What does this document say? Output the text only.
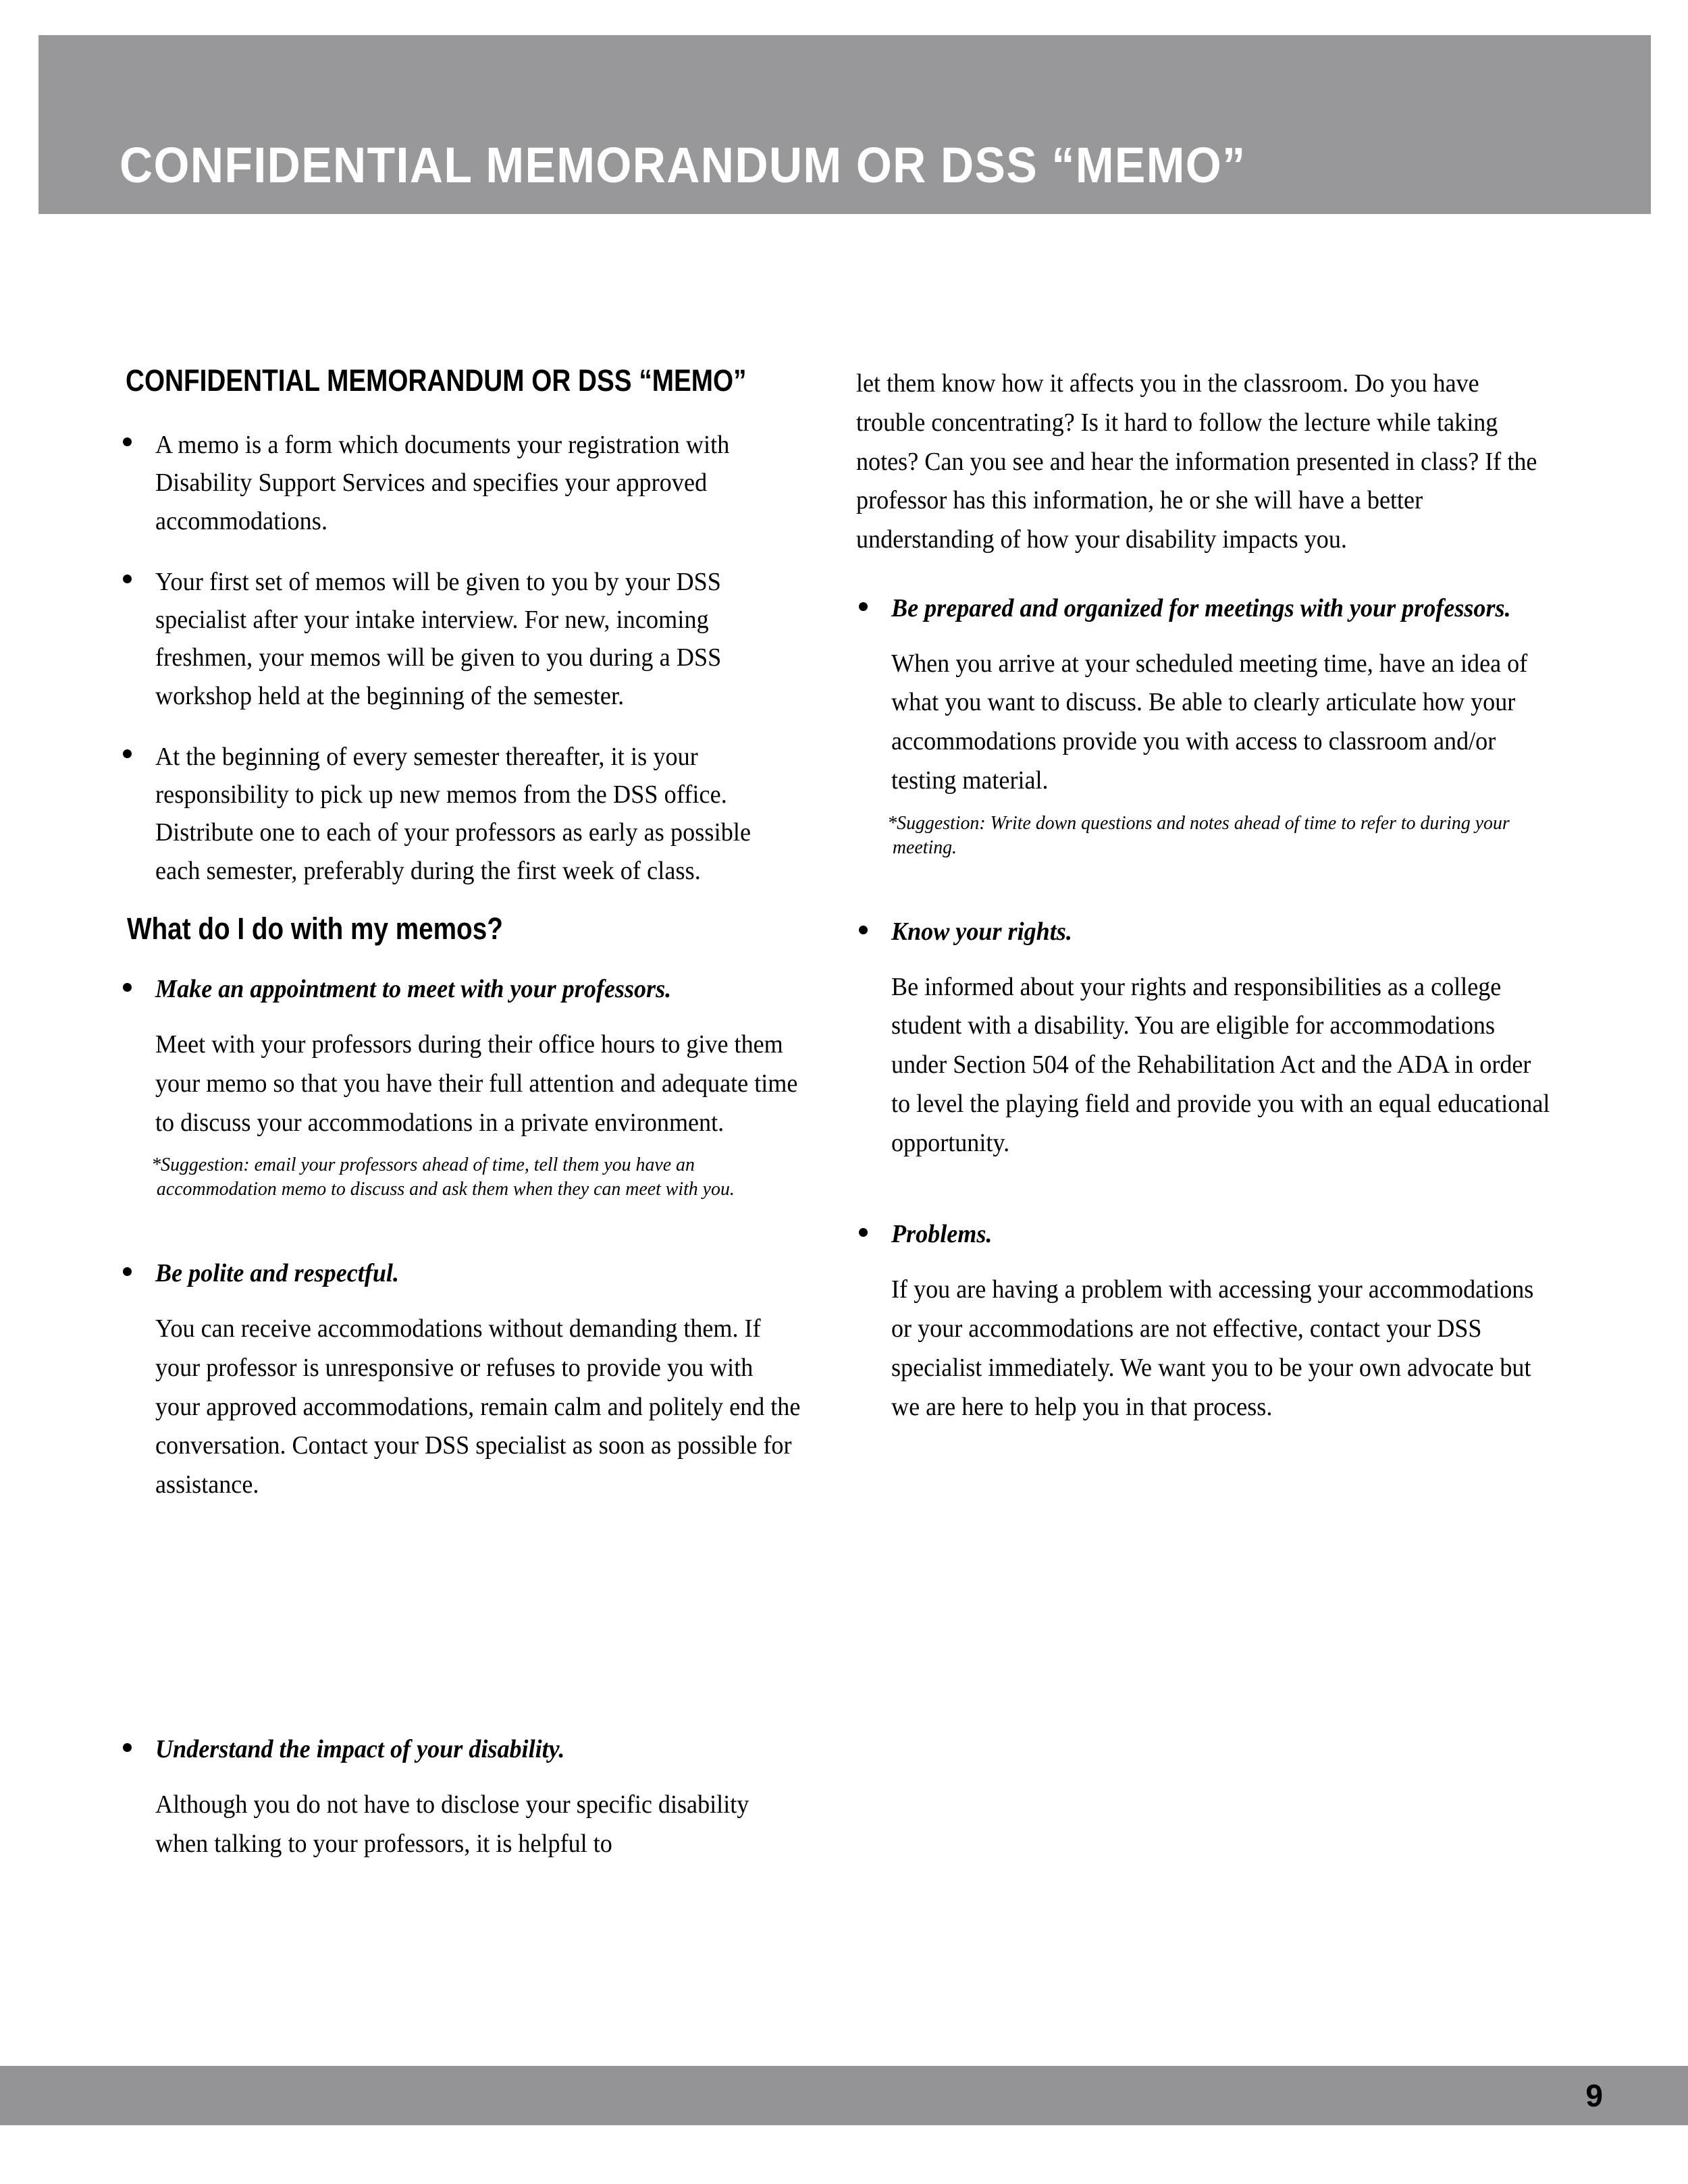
CONFIDENTIAL MEMORANDUM OR DSS “MEMO”
CONFIDENTIAL MEMORANDUM OR DSS “MEMO”
A memo is a form which documents your registration with Disability Support Services and specifies your approved accommodations.
Your first set of memos will be given to you by your DSS specialist after your intake interview. For new, incoming freshmen, your memos will be given to you during a DSS workshop held at the beginning of the semester.
At the beginning of every semester thereafter, it is your responsibility to pick up new memos from the DSS office. Distribute one to each of your professors as early as possible each semester, preferably during the first week of class.
What do I do with my memos?
Make an appointment to meet with your professors.
Meet with your professors during their office hours to give them your memo so that you have their full attention and adequate time to discuss your accommodations in a private environment.
*Suggestion: email your professors ahead of time, tell them you have an accommodation memo to discuss and ask them when they can meet with you.
Be polite and respectful.
You can receive accommodations without demanding them. If your professor is unresponsive or refuses to provide you with your approved accommodations, remain calm and politely end the conversation. Contact your DSS specialist as soon as possible for assistance.
let them know how it affects you in the classroom. Do you have trouble concentrating? Is it hard to follow the lecture while taking notes? Can you see and hear the information presented in class? If the professor has this information, he or she will have a better understanding of how your disability impacts you.
Be prepared and organized for meetings with your professors.
When you arrive at your scheduled meeting time, have an idea of what you want to discuss. Be able to clearly articulate how your accommodations provide you with access to classroom and/or testing material.
*Suggestion: Write down questions and notes ahead of time to refer to during your meeting.
Know your rights.
Be informed about your rights and responsibilities as a college student with a disability. You are eligible for accommodations under Section 504 of the Rehabilitation Act and the ADA in order to level the playing field and provide you with an equal educational opportunity.
Problems.
If you are having a problem with accessing your accommodations or your accommodations are not effective, contact your DSS specialist immediately. We want you to be your own advocate but we are here to help you in that process.
Understand the impact of your disability.
Although you do not have to disclose your specific disability when talking to your professors, it is helpful to
9
